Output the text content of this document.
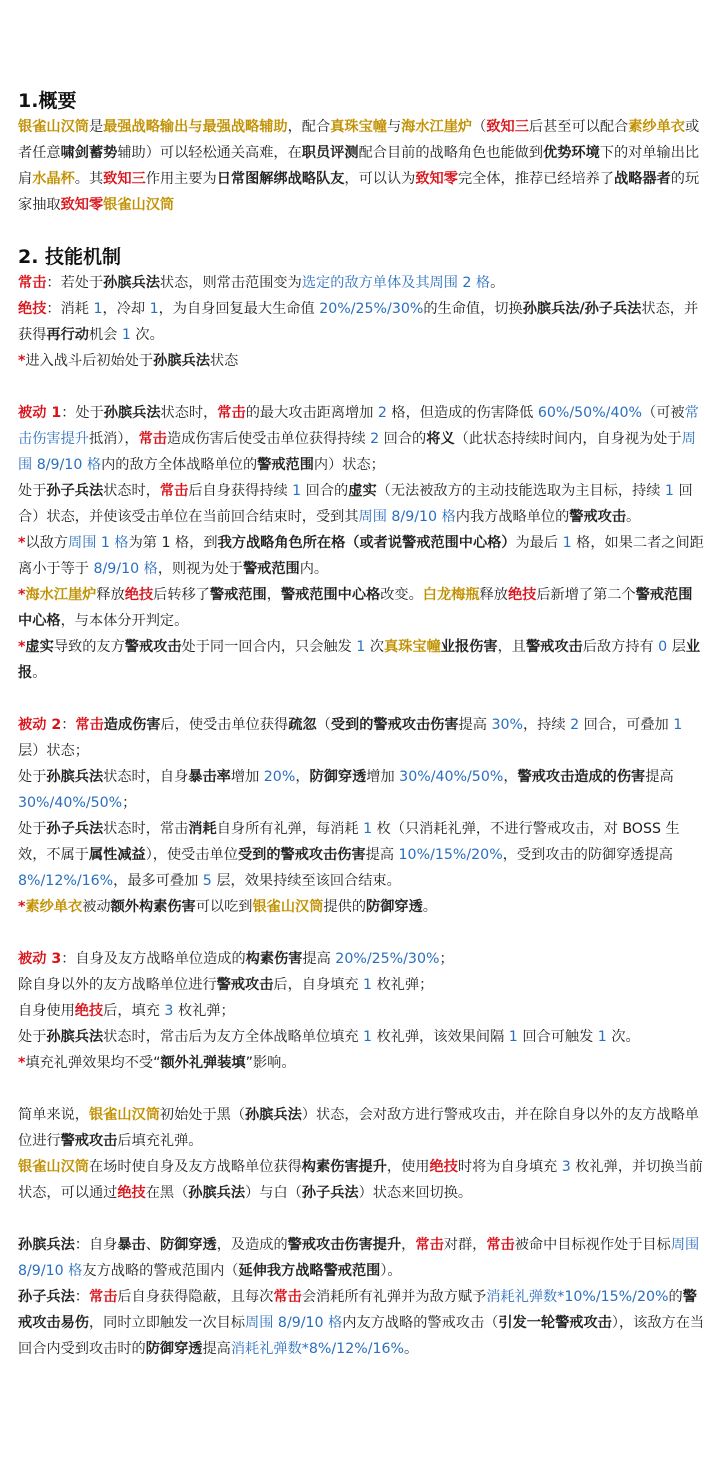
1.概要

银雀山汉筒是最强战略输出与最强战略辅助，配合真珠宝幢与海水江崖炉（致知三后甚至可以配合素纱单衣或者任意啸剑蓄势辅助）可以轻松通关高难，在职员评测配合目前的战略角色也能做到优势环境下的对单输出比肩水晶杯。其致知三作用主要为日常图解绑战略队友，可以认为致知零完全体，推荐已经培养了战略器者的玩家抽取致知零银雀山汉筒

2. 技能机制

常击：若处于孙膑兵法状态，则常击范围变为选定的敌方单体及其周围 2 格。

绝技：消耗 1，冷却 1，为自身回复最大生命值 20%/25%/30%的生命值，切换孙膑兵法/孙子兵法状态，并获得再行动机会 1 次。

*进入战斗后初始处于孙膑兵法状态

被动 1：处于孙膑兵法状态时，常击的最大攻击距离增加 2 格，但造成的伤害降低 60%/50%/40%（可被常击伤害提升抵消），常击造成伤害后使受击单位获得持续 2 回合的将义（此状态持续时间内，自身视为处于周围 8/9/10 格内的敌方全体战略单位的警戒范围内）状态；

处于孙子兵法状态时，常击后自身获得持续 1 回合的虚实（无法被敌方的主动技能选取为主目标，持续 1 回合）状态，并使该受击单位在当前回合结束时，受到其周围 8/9/10 格内我方战略单位的警戒攻击。

*以敌方周围 1 格为第 1 格，到我方战略角色所在格（或者说警戒范围中心格）为最后 1 格，如果二者之间距离小于等于 8/9/10 格，则视为处于警戒范围内。

*海水江崖炉释放绝技后转移了警戒范围，警戒范围中心格改变。白龙梅瓶释放绝技后新增了第二个警戒范围中心格，与本体分开判定。

*虚实导致的友方警戒攻击处于同一回合内，只会触发 1 次真珠宝幢业报伤害，且警戒攻击后敌方持有 0 层业报。

被动 2：常击造成伤害后，使受击单位获得疏忽（受到的警戒攻击伤害提高 30%，持续 2 回合，可叠加 1 层）状态；

处于孙膑兵法状态时，自身暴击率增加 20%，防御穿透增加 30%/40%/50%，警戒攻击造成的伤害提高 30%/40%/50%；

处于孙子兵法状态时，常击消耗自身所有礼弹，每消耗 1 枚（只消耗礼弹，不进行警戒攻击，对 BOSS 生效，不属于属性减益），使受击单位受到的警戒攻击伤害提高 10%/15%/20%，受到攻击的防御穿透提高 8%/12%/16%，最多可叠加 5 层，效果持续至该回合结束。

*素纱单衣被动额外构素伤害可以吃到银雀山汉筒提供的防御穿透。

被动 3：自身及友方战略单位造成的构素伤害提高 20%/25%/30%；

除自身以外的友方战略单位进行警戒攻击后，自身填充 1 枚礼弹；

自身使用绝技后，填充 3 枚礼弹；

处于孙膑兵法状态时，常击后为友方全体战略单位填充 1 枚礼弹，该效果间隔 1 回合可触发 1 次。

*填充礼弹效果均不受“额外礼弹装填”影响。

简单来说，银雀山汉筒初始处于黑（孙膑兵法）状态，会对敌方进行警戒攻击，并在除自身以外的友方战略单位进行警戒攻击后填充礼弹。

银雀山汉筒在场时使自身及友方战略单位获得构素伤害提升，使用绝技时将为自身填充 3 枚礼弹，并切换当前状态，可以通过绝技在黑（孙膑兵法）与白（孙子兵法）状态来回切换。

孙膑兵法：自身暴击、防御穿透，及造成的警戒攻击伤害提升，常击对群，常击被命中目标视作处于目标周围 8/9/10 格友方战略的警戒范围内（延伸我方战略警戒范围）。

孙子兵法：常击后自身获得隐蔽，且每次常击会消耗所有礼弹并为敌方赋予消耗礼弹数*10%/15%/20%的警戒攻击易伤，同时立即触发一次目标周围 8/9/10 格内友方战略的警戒攻击（引发一轮警戒攻击），该敌方在当回合内受到攻击时的防御穿透提高消耗礼弹数*8%/12%/16%。
